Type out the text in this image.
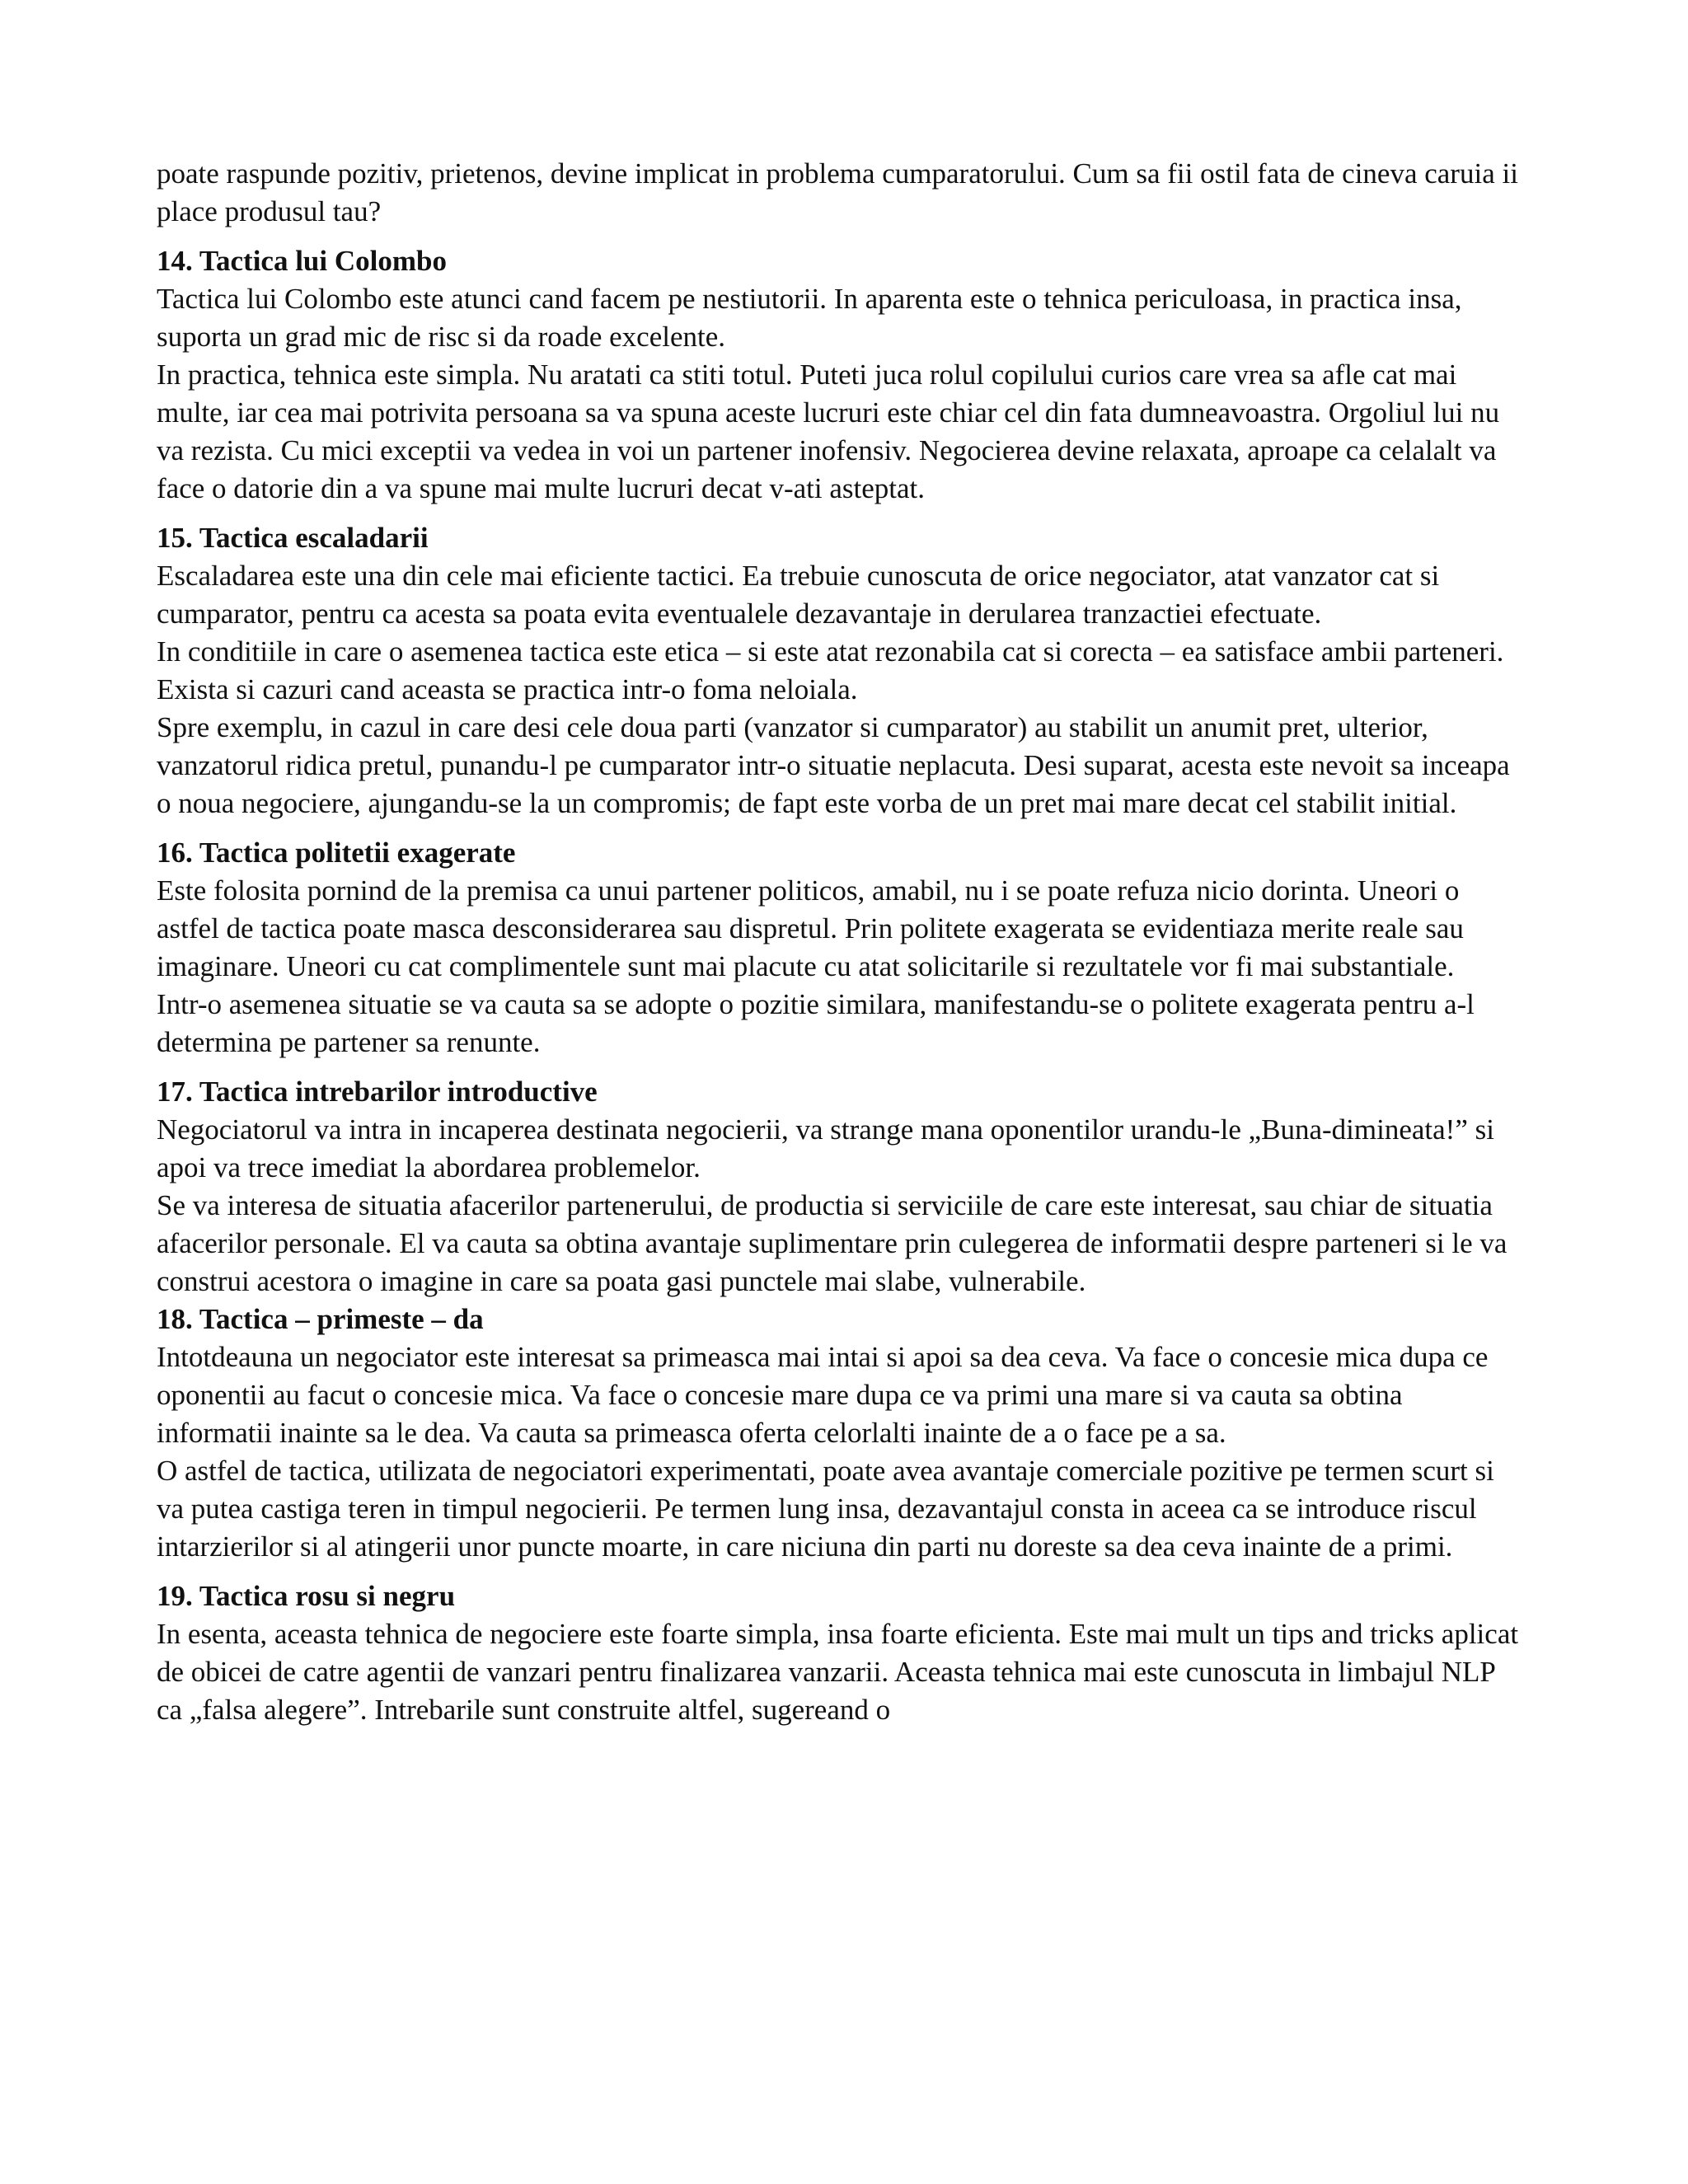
poate raspunde pozitiv, prietenos, devine implicat in problema cumparatorului. Cum sa fii ostil fata de cineva caruia ii place produsul tau?

14. Tactica lui Colombo

Tactica lui Colombo este atunci cand facem pe nestiutorii. In aparenta este o tehnica periculoasa, in practica insa, suporta un grad mic de risc si da roade excelente.

In practica, tehnica este simpla. Nu aratati ca stiti totul. Puteti juca rolul copilului curios care vrea sa afle cat mai multe, iar cea mai potrivita persoana sa va spuna aceste lucruri este chiar cel din fata dumneavoastra. Orgoliul lui nu va rezista. Cu mici exceptii va vedea in voi un partener inofensiv. Negocierea devine relaxata, aproape ca celalalt va face o datorie din a va spune mai multe lucruri decat v-ati asteptat.

15. Tactica escaladarii

Escaladarea este una din cele mai eficiente tactici. Ea trebuie cunoscuta de orice negociator, atat vanzator cat si cumparator, pentru ca acesta sa poata evita eventualele dezavantaje in derularea tranzactiei efectuate.

In conditiile in care o asemenea tactica este etica – si este atat rezonabila cat si corecta – ea satisface ambii parteneri. Exista si cazuri cand aceasta se practica intr-o foma neloiala.

Spre exemplu, in cazul in care desi cele doua parti (vanzator si cumparator) au stabilit un anumit pret, ulterior, vanzatorul ridica pretul, punandu-l pe cumparator intr-o situatie neplacuta. Desi suparat, acesta este nevoit sa inceapa o noua negociere, ajungandu-se la un compromis; de fapt este vorba de un pret mai mare decat cel stabilit initial.

16. Tactica politetii exagerate

Este folosita pornind de la premisa ca unui partener politicos, amabil, nu i se poate refuza nicio dorinta. Uneori o astfel de tactica poate masca desconsiderarea sau dispretul. Prin politete exagerata se evidentiaza merite reale sau imaginare. Uneori cu cat complimentele sunt mai placute cu atat solicitarile si rezultatele vor fi mai substantiale.

Intr-o asemenea situatie se va cauta sa se adopte o pozitie similara, manifestandu-se o politete exagerata pentru a-l determina pe partener sa renunte.

17. Tactica intrebarilor introductive

Negociatorul va intra in incaperea destinata negocierii, va strange mana oponentilor urandu-le „Buna-dimineata!” si apoi va trece imediat la abordarea problemelor.

Se va interesa de situatia afacerilor partenerului, de productia si serviciile de care este interesat, sau chiar de situatia afacerilor personale. El va cauta sa obtina avantaje suplimentare prin culegerea de informatii despre parteneri si le va construi acestora o imagine in care sa poata gasi punctele mai slabe, vulnerabile.

18. Tactica – primeste – da

Intotdeauna un negociator este interesat sa primeasca mai intai si apoi sa dea ceva. Va face o concesie mica dupa ce oponentii au facut o concesie mica. Va face o concesie mare dupa ce va primi una mare si va cauta sa obtina informatii inainte sa le dea. Va cauta sa primeasca oferta celorlalti inainte de a o face pe a sa.

O astfel de tactica, utilizata de negociatori experimentati, poate avea avantaje comerciale pozitive pe termen scurt si va putea castiga teren in timpul negocierii. Pe termen lung insa, dezavantajul consta in aceea ca se introduce riscul intarzierilor si al atingerii unor puncte moarte, in care niciuna din parti nu doreste sa dea ceva inainte de a primi.

19. Tactica rosu si negru

In esenta, aceasta tehnica de negociere este foarte simpla, insa foarte eficienta. Este mai mult un tips and tricks aplicat de obicei de catre agentii de vanzari pentru finalizarea vanzarii. Aceasta tehnica mai este cunoscuta in limbajul NLP ca „falsa alegere”. Intrebarile sunt construite altfel, sugereand o
